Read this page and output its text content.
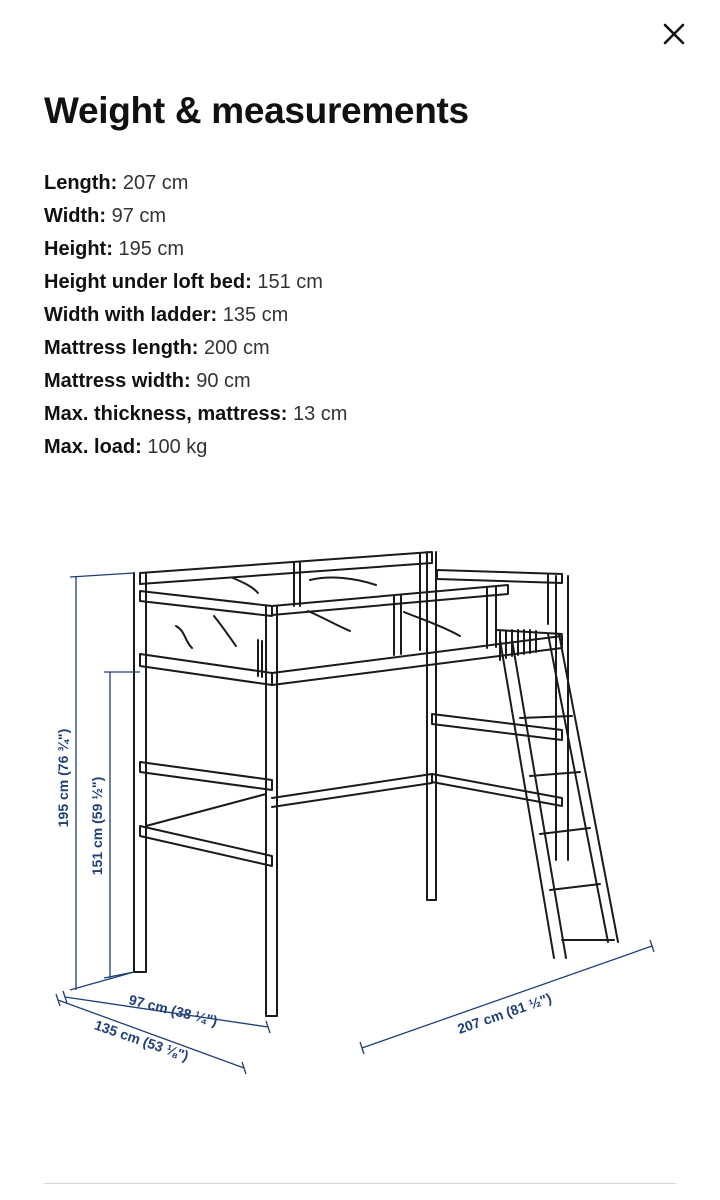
Weight & measurements
Length: 207 cm
Width: 97 cm
Height: 195 cm
Height under loft bed: 151 cm
Width with ladder: 135 cm
Mattress length: 200 cm
Mattress width: 90 cm
Max. thickness, mattress: 13 cm
Max. load: 100 kg
195 cm (76 ¾") 151 cm (59 ½")
97 cm (38 ¼")
135 cm (53 ⅛")
207 cm (81 ½")
